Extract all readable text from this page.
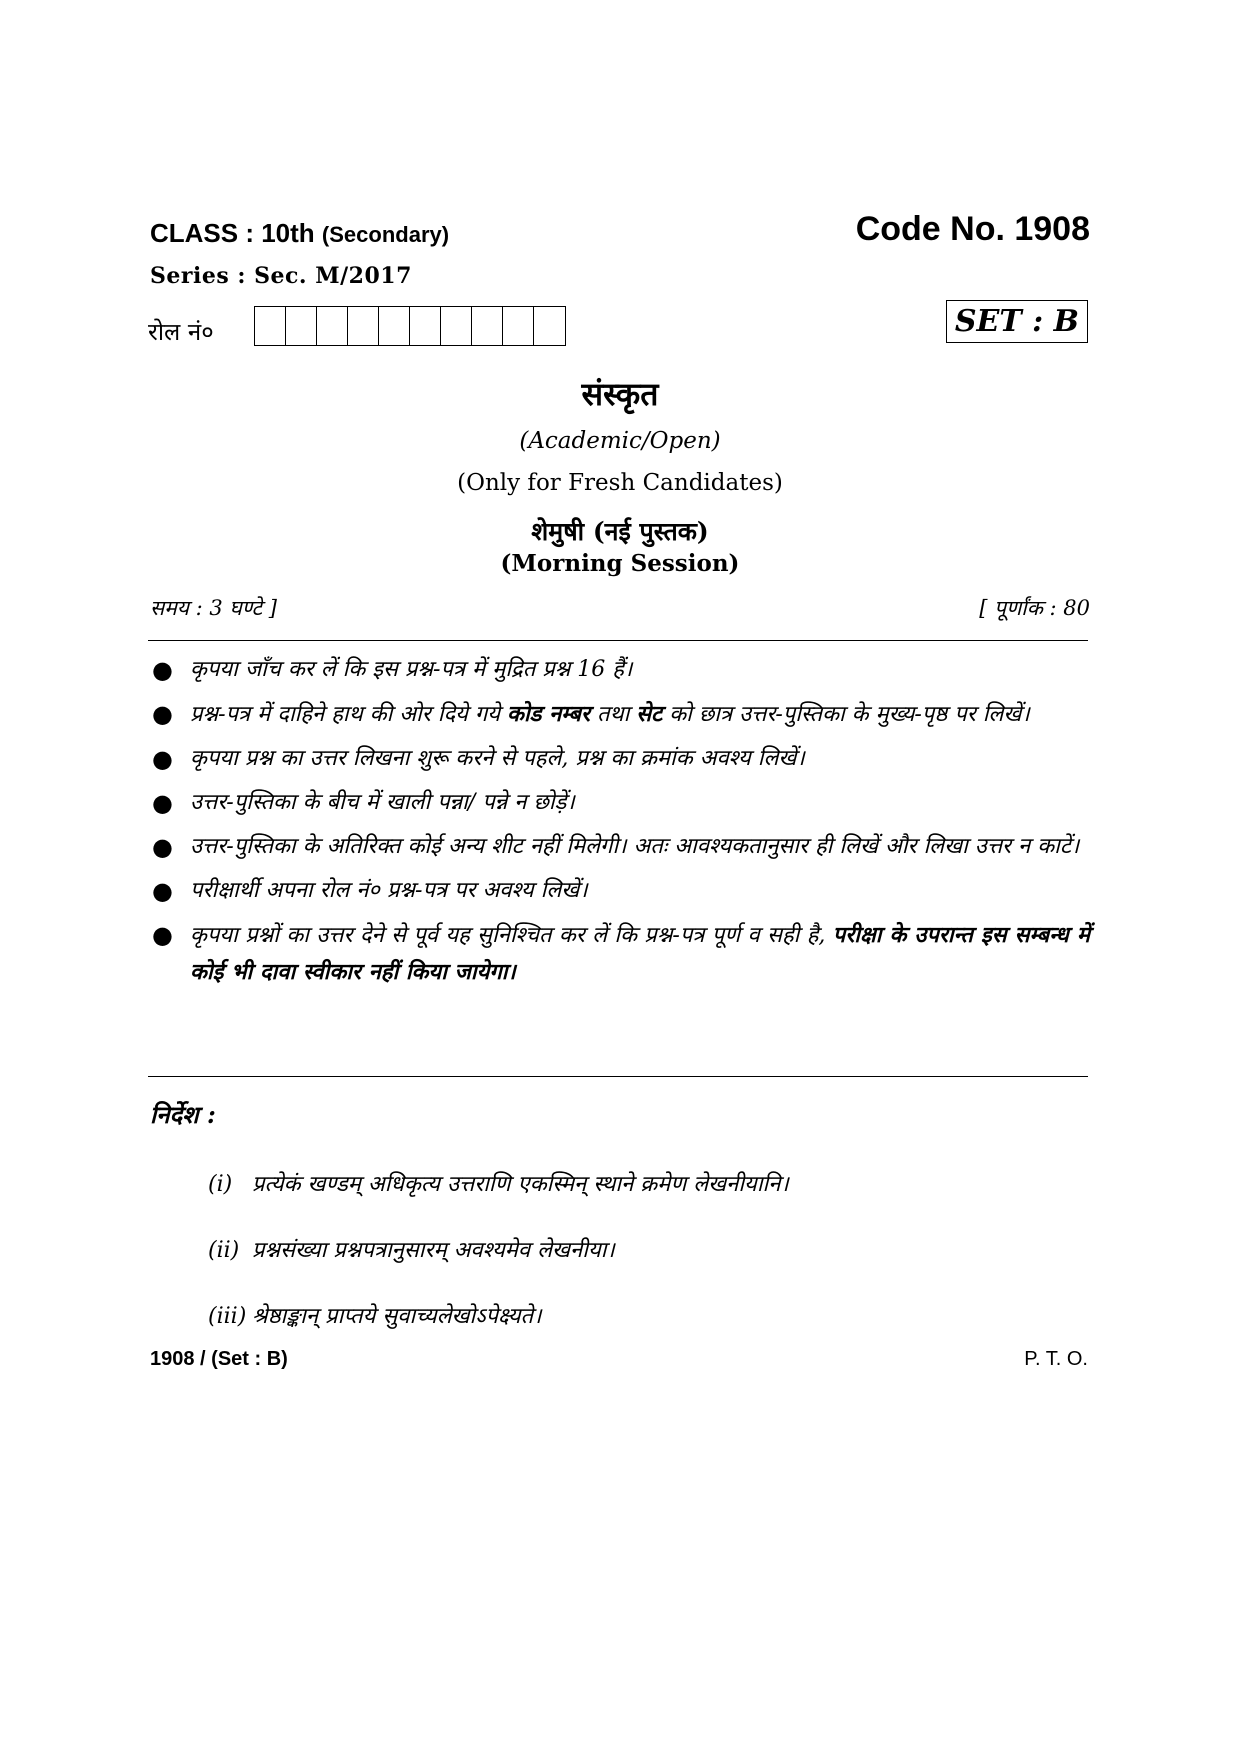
CLASS : 10th (Secondary)	Code No. 1908
Series : Sec. M/2017
रोल नं०	SET : B
संस्कृत
(Academic/Open)
(Only for Fresh Candidates)
शेमुषी (नई पुस्तक)
(Morning Session)
समय : 3 घण्टे ]	[ पूर्णांक : 80
● कृपया जाँच कर लें कि इस प्रश्न-पत्र में मुद्रित प्रश्न 16 हैं।
● प्रश्न-पत्र में दाहिने हाथ की ओर दिये गये कोड नम्बर तथा सेट को छात्र उत्तर-पुस्तिका के मुख्य-पृष्ठ पर लिखें।
● कृपया प्रश्न का उत्तर लिखना शुरू करने से पहले, प्रश्न का क्रमांक अवश्य लिखें।
● उत्तर-पुस्तिका के बीच में खाली पन्ना/ पन्ने न छोड़ें।
● उत्तर-पुस्तिका के अतिरिक्त कोई अन्य शीट नहीं मिलेगी। अतः आवश्यकतानुसार ही लिखें और लिखा उत्तर न काटें।
● परीक्षार्थी अपना रोल नं० प्रश्न-पत्र पर अवश्य लिखें।
● कृपया प्रश्नों का उत्तर देने से पूर्व यह सुनिश्चित कर लें कि प्रश्न-पत्र पूर्ण व सही है, परीक्षा के उपरान्त इस सम्बन्ध में कोई भी दावा स्वीकार नहीं किया जायेगा।
निर्देश :
(i) प्रत्येकं खण्डम् अधिकृत्य उत्तराणि एकस्मिन् स्थाने क्रमेण लेखनीयानि।
(ii) प्रश्नसंख्या प्रश्नपत्रानुसारम् अवश्यमेव लेखनीया।
(iii) श्रेष्ठाङ्कान् प्राप्तये सुवाच्यलेखोऽपेक्ष्यते।
1908 / (Set : B)	P. T. O.
